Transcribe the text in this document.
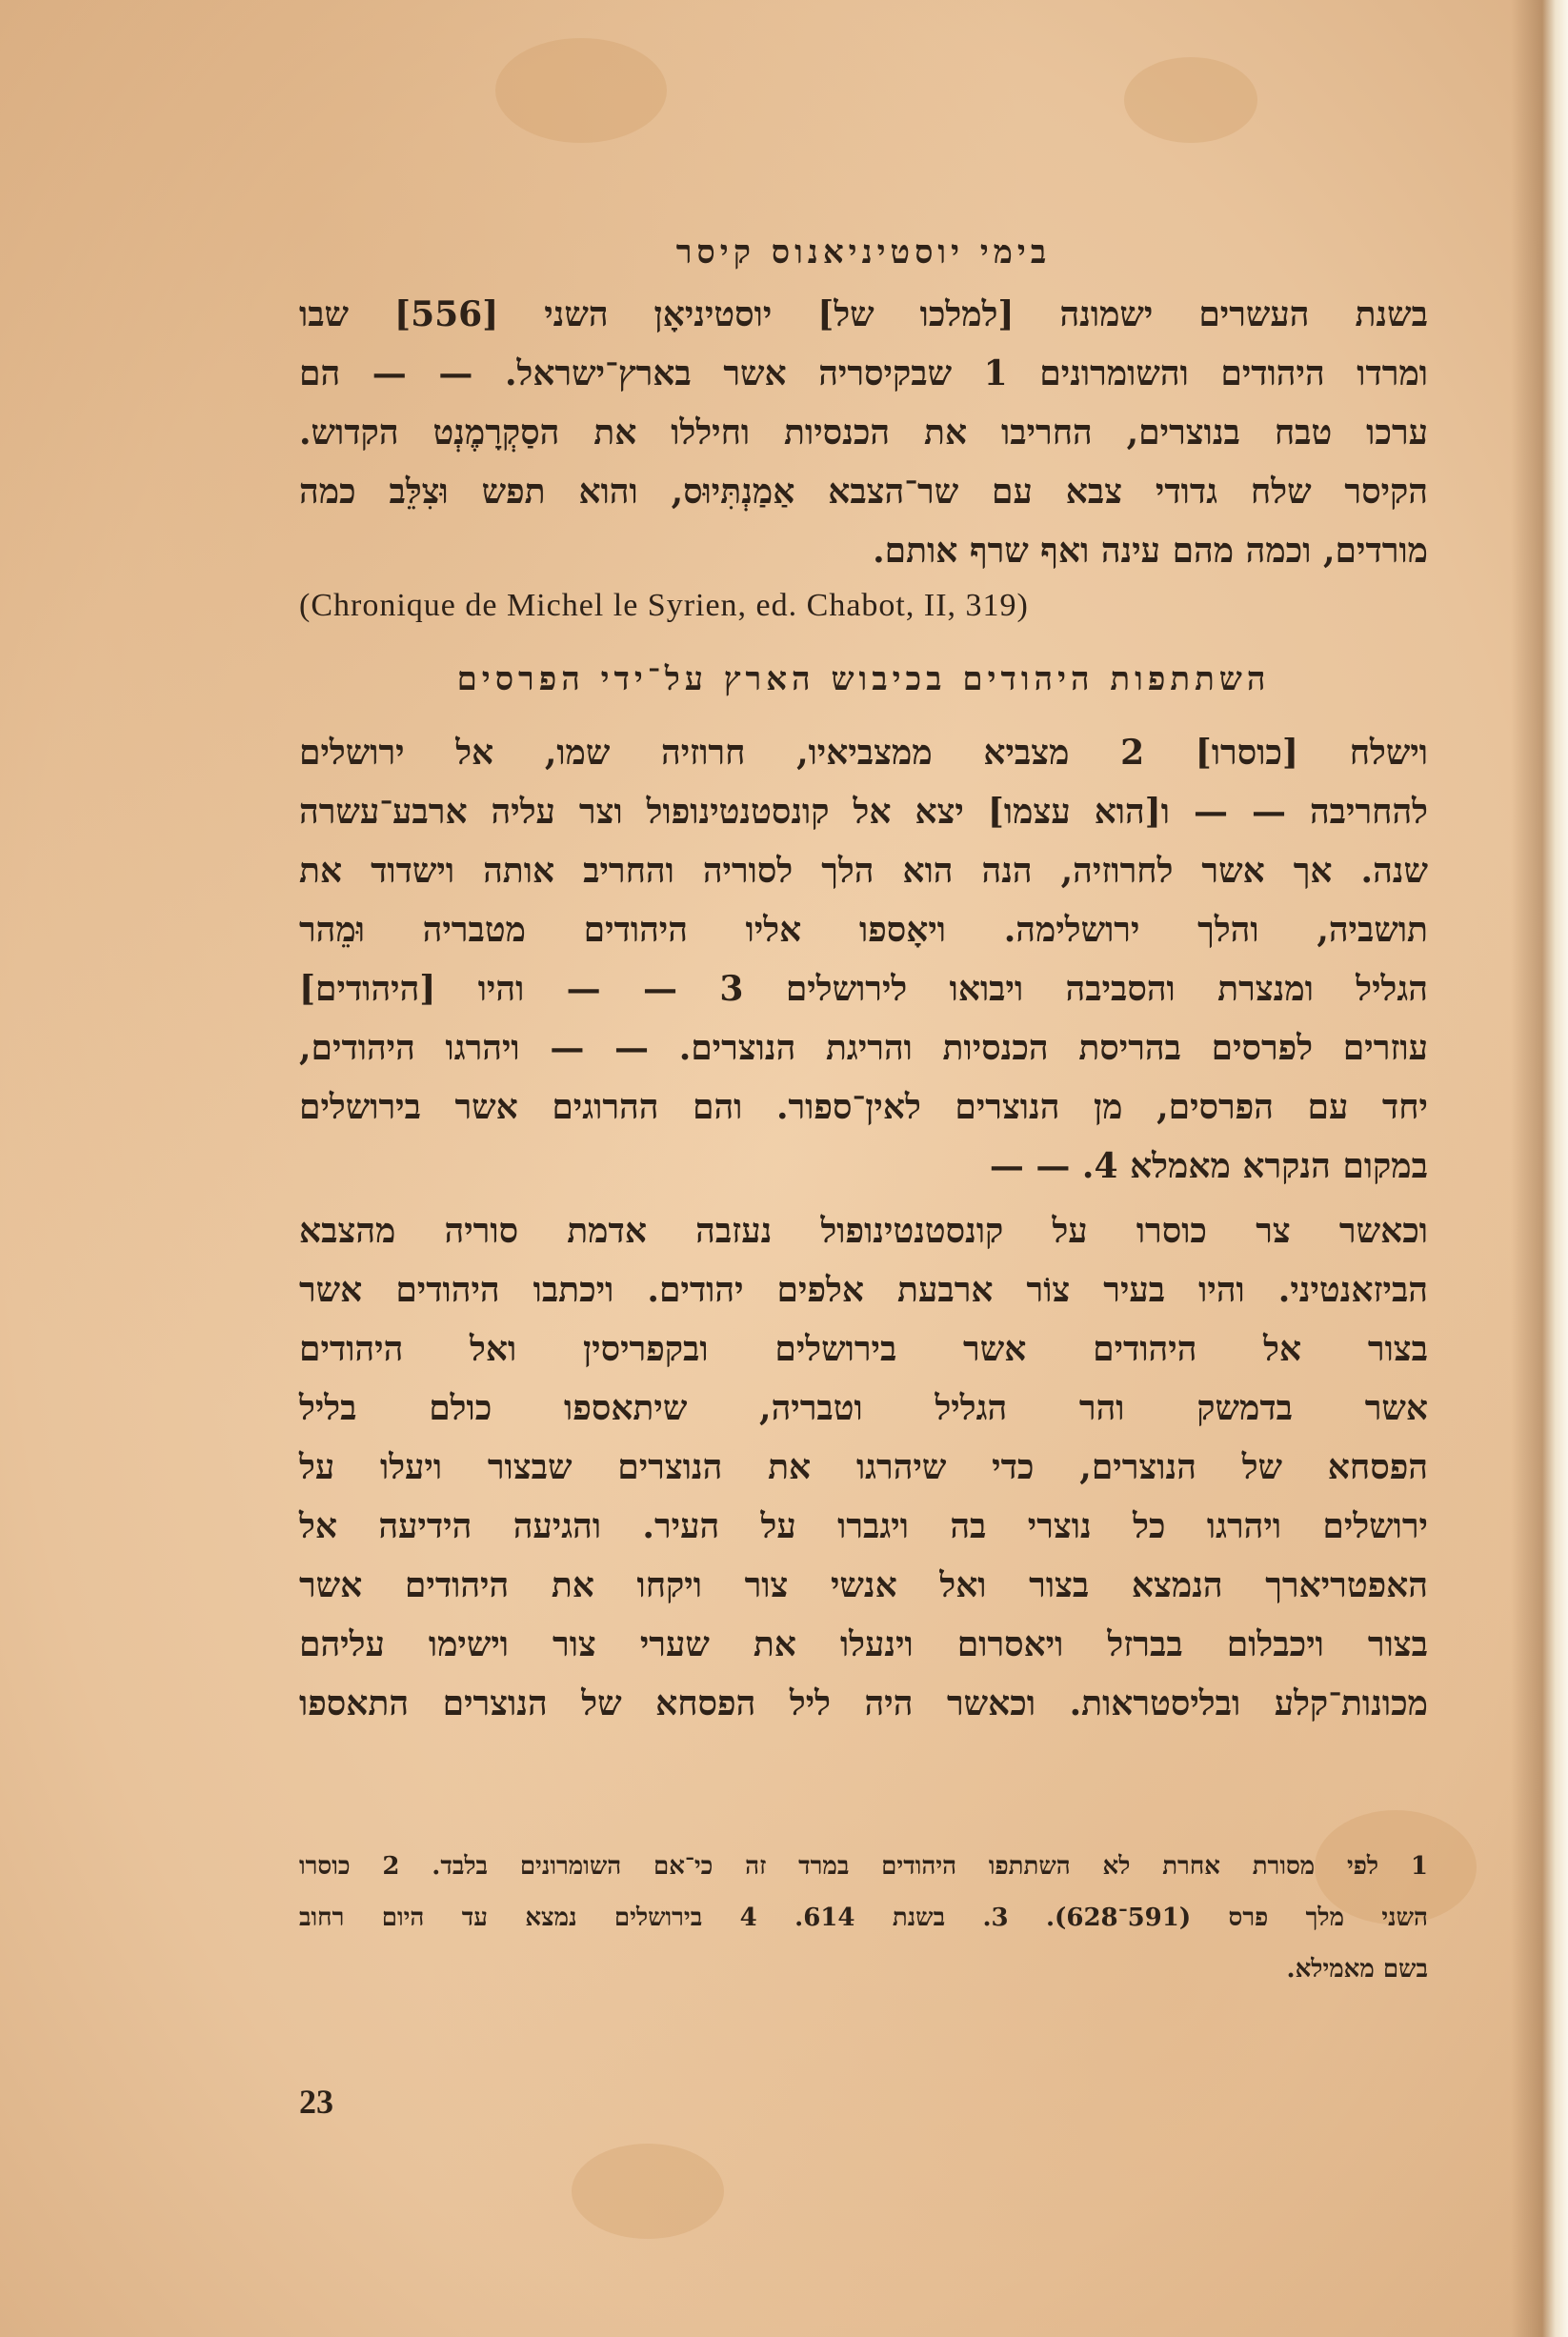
בימי יוסטיניאנוס קיסר
בשנת העשרים ישמונה [למלכו של] יוסטיניאָן השני [556] שבו
ומרדו היהודים והשומרונים 1 שבקיסריה אשר בארץ־ישראל. — — הם
ערכו טבח בנוצרים, החריבו את הכנסיות וחיללו את הסַקְרָמֶנְט הקדוש.
הקיסר שלח גדודי צבא עם שר־הצבא אַמַנְתִּיוּס, והוא תפש וּצִלֵּב כמה
מורדים, וכמה מהם עינה ואף שרף אותם.
(Chronique de Michel le Syrien, ed. Chabot, II, 319)
השתתפות היהודים בכיבוש הארץ על־ידי הפרסים
וישלח [כוסרו] 2 מצביא ממצביאיו, חרוזיה שמו, אל ירושלים
להחריבה — — ו[הוא עצמו] יצא אל קונסטנטינופול וצר עליה ארבע־עשרה
שנה. אך אשר לחרוזיה, הנה הוא הלך לסוריה והחריב אותה וישדוד את
תושביה, והלך ירושלימה. ויאָספו אליו היהודים מטבריה וּמֵהר
הגליל ומנצרת והסביבה ויבואו לירושלים 3 — — והיו [היהודים]
עוזרים לפרסים בהריסת הכנסיות והריגת הנוצרים. — — ויהרגו היהודים,
יחד עם הפרסים, מן הנוצרים לאין־ספור. והם ההרוגים אשר בירושלים
במקום הנקרא מאמלא 4. — —
וכאשר צר כוסרו על קונסטנטינופול נעזבה אדמת סוריה מהצבא
הביזאנטיני. והיו בעיר צוֹר ארבעת אלפים יהודים. ויכתבו היהודים אשר
בצור אל היהודים אשר בירושלים ובקפריסין ואל היהודים
אשר בדמשק והר הגליל וטבריה, שיתאספו כולם בליל
הפסחא של הנוצרים, כדי שיהרגו את הנוצרים שבצור ויעלו על
ירושלים ויהרגו כל נוצרי בה ויגברו על העיר. והגיעה הידיעה אל
האפטריארך הנמצא בצור ואל אנשי צור ויקחו את היהודים אשר
בצור ויכבלום בברזל ויאסרום וינעלו את שערי צור וישימו עליהם
מכונות־קלע ובליסטראות. וכאשר היה ליל הפסחא של הנוצרים התאספו
1 לפי מסורת אחרת לא השתתפו היהודים במרד זה כי־אם השומרונים בלבד. 2 כוסרו
השני מלך פרס (591־628). 3. בשנת 614. 4 בירושלים נמצא עד היום רחוב
בשם מאמילא.
23
